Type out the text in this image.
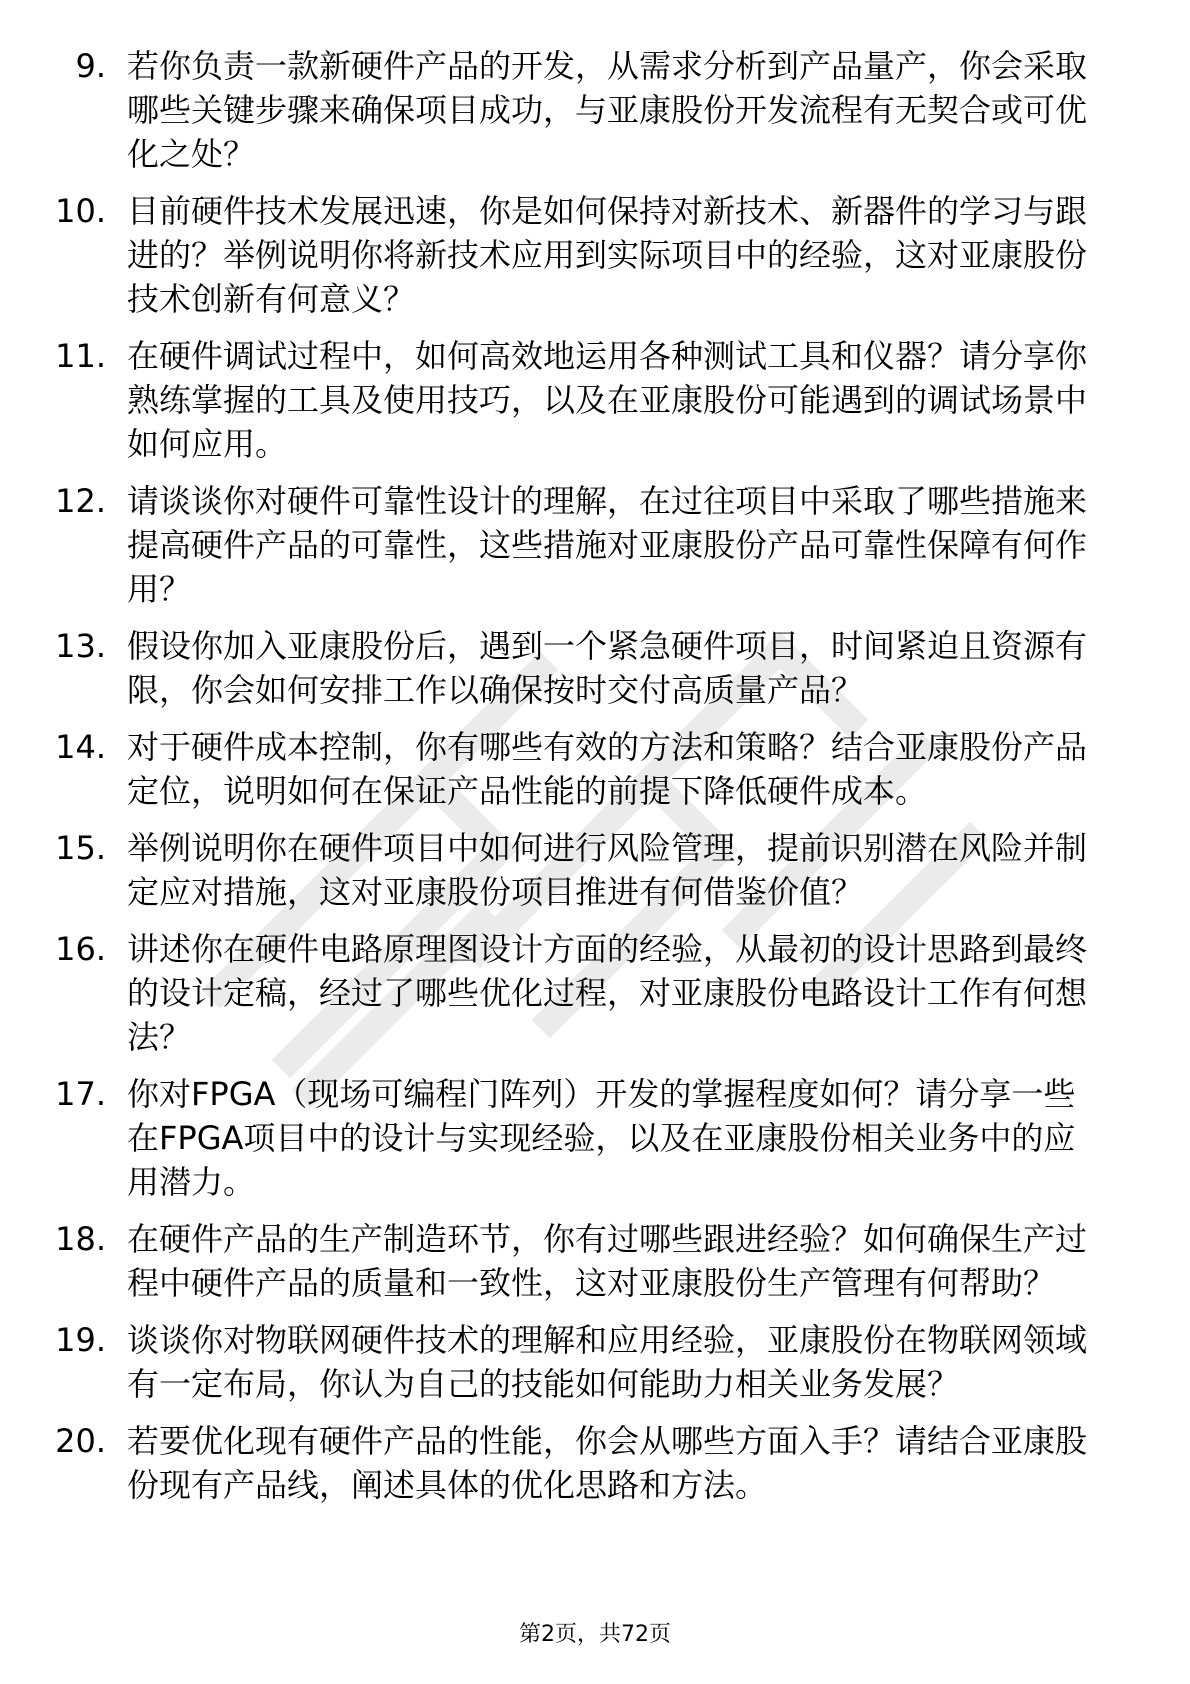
9. 若你负责一款新硬件产品的开发，从需求分析到产品量产，你会采取哪些关键步骤来确保项目成功，与亚康股份开发流程有无契合或可优化之处？
10. 目前硬件技术发展迅速，你是如何保持对新技术、新器件的学习与跟进的？举例说明你将新技术应用到实际项目中的经验，这对亚康股份技术创新有何意义？
11. 在硬件调试过程中，如何高效地运用各种测试工具和仪器？请分享你熟练掌握的工具及使用技巧，以及在亚康股份可能遇到的调试场景中如何应用。
12. 请谈谈你对硬件可靠性设计的理解，在过往项目中采取了哪些措施来提高硬件产品的可靠性，这些措施对亚康股份产品可靠性保障有何作用？
13. 假设你加入亚康股份后，遇到一个紧急硬件项目，时间紧迫且资源有限，你会如何安排工作以确保按时交付高质量产品？
14. 对于硬件成本控制，你有哪些有效的方法和策略？结合亚康股份产品定位，说明如何在保证产品性能的前提下降低硬件成本。
15. 举例说明你在硬件项目中如何进行风险管理，提前识别潜在风险并制定应对措施，这对亚康股份项目推进有何借鉴价值？
16. 讲述你在硬件电路原理图设计方面的经验，从最初的设计思路到最终的设计定稿，经过了哪些优化过程，对亚康股份电路设计工作有何想法？
17. 你对FPGA（现场可编程门阵列）开发的掌握程度如何？请分享一些在FPGA项目中的设计与实现经验，以及在亚康股份相关业务中的应用潜力。
18. 在硬件产品的生产制造环节，你有过哪些跟进经验？如何确保生产过程中硬件产品的质量和一致性，这对亚康股份生产管理有何帮助？
19. 谈谈你对物联网硬件技术的理解和应用经验，亚康股份在物联网领域有一定布局，你认为自己的技能如何能助力相关业务发展？
20. 若要优化现有硬件产品的性能，你会从哪些方面入手？请结合亚康股份现有产品线，阐述具体的优化思路和方法。
第2页，共72页
